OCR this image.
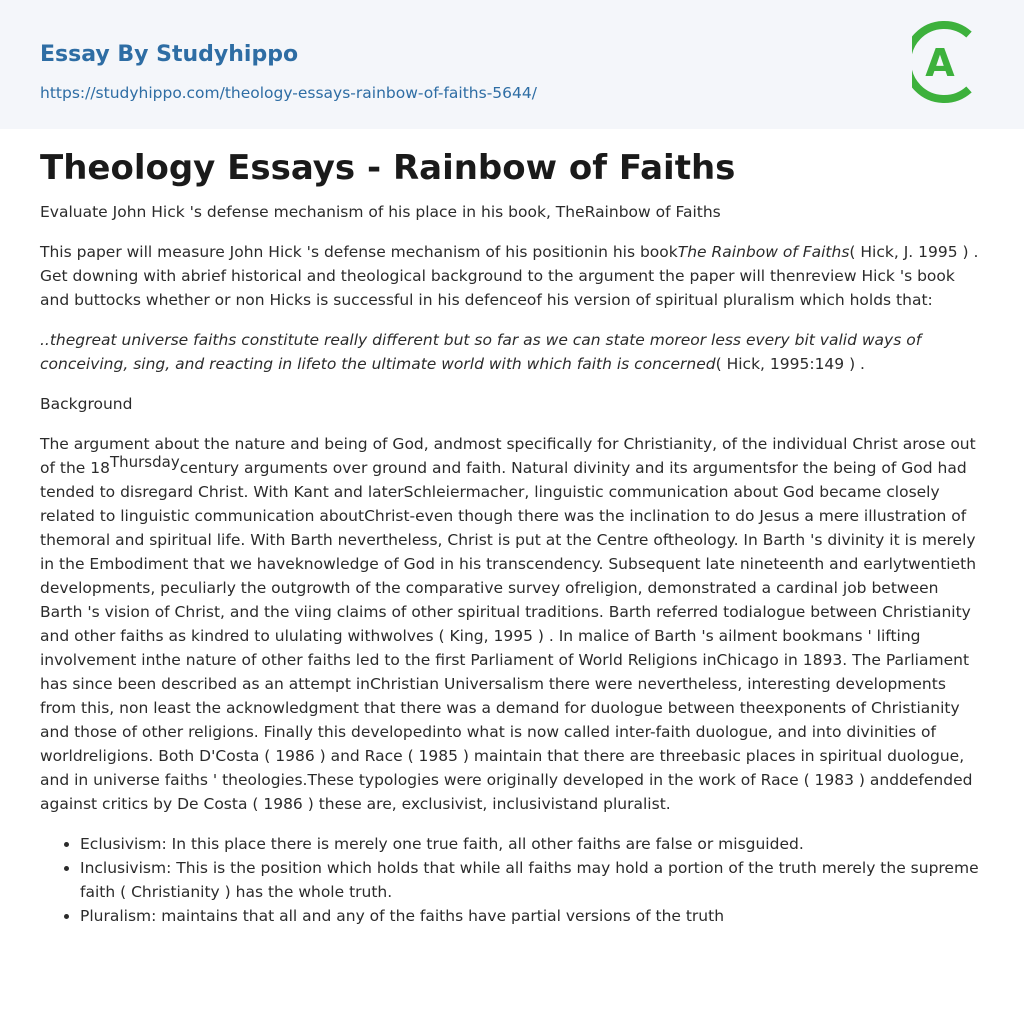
Essay By Studyhippo
https://studyhippo.com/theology-essays-rainbow-of-faiths-5644/
A
Theology Essays - Rainbow of Faiths

Evaluate John Hick 's defense mechanism of his place in his book, TheRainbow of Faiths

This paper will measure John Hick 's defense mechanism of his positionin his bookThe Rainbow of Faiths( Hick, J. 1995 ) . Get downing with abrief historical and theological background to the argument the paper will thenreview Hick 's book and buttocks whether or non Hicks is successful in his defenceof his version of spiritual pluralism which holds that:

..thegreat universe faiths constitute really different but so far as we can state moreor less every bit valid ways of conceiving, sing, and reacting in lifeto the ultimate world with which faith is concerned( Hick, 1995:149 ) .

Background

The argument about the nature and being of God, andmost specifically for Christianity, of the individual Christ arose out of the $18^{Thursday}century$ arguments over ground and faith. Natural divinity and its argumentsfor the being of God had tended to disregard Christ. With Kant and laterSchleiermacher, linguistic communication about God became closely related to linguistic communication aboutChrist-even though there was the inclination to do Jesus a mere illustration of themoral and spiritual life. With Barth nevertheless, Christ is put at the Centre oftheology. In Barth 's divinity it is merely in the Embodiment that we haveknowledge of God in his transcendency. Subsequent late nineteenth and earlytwentieth developments, peculiarly the outgrowth of the comparative survey ofreligion, demonstrated a cardinal job between Barth 's vision of Christ, and the viing claims of other spiritual traditions. Barth referred todialogue between Christianity and other faiths as kindred to ululating withwolves ( King, 1995 ) . In malice of Barth 's ailment bookmans ' lifting involvement inthe nature of other faiths led to the first Parliament of World Religions inChicago in 1893. The Parliament has since been described as an attempt inChristian Universalism there were nevertheless, interesting developments from this, non least the acknowledgment that there was a demand for duologue between theexponents of Christianity and those of other religions. Finally this developedinto what is now called inter-faith duologue, and into divinities of worldreligions. Both D'Costa ( 1986 ) and Race ( 1985 ) maintain that there are threebasic places in spiritual duologue, and in universe faiths ' theologies.These typologies were originally developed in the work of Race ( 1983 ) anddefended against critics by De Costa ( 1986 ) these are, exclusivist, inclusivistand pluralist.

• Eclusivism: In this place there is merely one true faith, all other faiths are false or misguided.
• Inclusivism: This is the position which holds that while all faiths may hold a portion of the truth merely the supreme faith ( Christianity ) has the whole truth.
• Pluralism: maintains that all and any of the faiths have partial versions of the truth
